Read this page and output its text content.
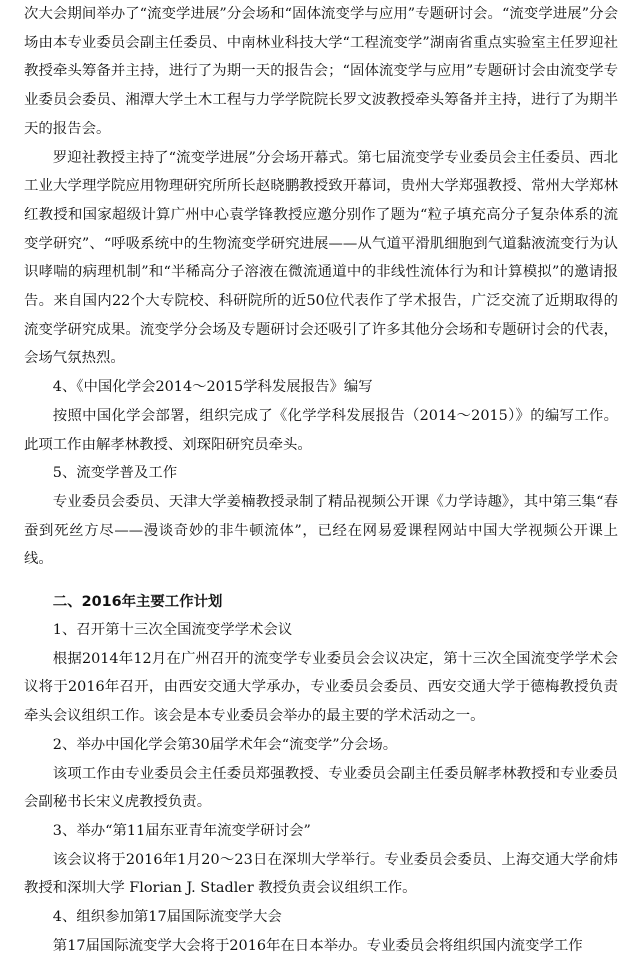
次大会期间举办了“流变学进展”分会场和“固体流变学与应用”专题研讨会。“流变学进展”分会场由本专业委员会副主任委员、中南林业科技大学“工程流变学”湖南省重点实验室主任罗迎社教授牵头筹备并主持，进行了为期一天的报告会；“固体流变学与应用”专题研讨会由流变学专业委员会委员、湘潭大学土木工程与力学学院院长罗文波教授牵头筹备并主持，进行了为期半天的报告会。

罗迎社教授主持了“流变学进展”分会场开幕式。第七届流变学专业委员会主任委员、西北工业大学理学院应用物理研究所所长赵晓鹏教授致开幕词，贵州大学郑强教授、常州大学郑林红教授和国家超级计算广州中心袁学锋教授应邀分别作了题为“粒子填充高分子复杂体系的流变学研究”、“呼吸系统中的生物流变学研究进展——从气道平滑肌细胞到气道黏液流变行为认识哮喘的病理机制”和“半稀高分子溶液在微流通道中的非线性流体行为和计算模拟”的邀请报告。来自国内22个大专院校、科研院所的近50位代表作了学术报告，广泛交流了近期取得的流变学研究成果。流变学分会场及专题研讨会还吸引了许多其他分会场和专题研讨会的代表，会场气氛热烈。

4、《中国化学会2014～2015学科发展报告》编写

按照中国化学会部署，组织完成了《化学学科发展报告（2014～2015）》的编写工作。此项工作由解孝林教授、刘琛阳研究员牵头。

5、流变学普及工作

专业委员会委员、天津大学姜楠教授录制了精品视频公开课《力学诗趣》，其中第三集“春蚕到死丝方尽——漫谈奇妙的非牛顿流体”，已经在网易爱课程网站中国大学视频公开课上线。

二、2016年主要工作计划

1、召开第十三次全国流变学学术会议

根据2014年12月在广州召开的流变学专业委员会会议决定，第十三次全国流变学学术会议将于2016年召开，由西安交通大学承办，专业委员会委员、西安交通大学于德梅教授负责牵头会议组织工作。该会是本专业委员会举办的最主要的学术活动之一。

2、举办中国化学会第30届学术年会“流变学”分会场。

该项工作由专业委员会主任委员郑强教授、专业委员会副主任委员解孝林教授和专业委员会副秘书长宋义虎教授负责。

3、举办“第11届东亚青年流变学研讨会”

该会议将于2016年1月20～23日在深圳大学举行。专业委员会委员、上海交通大学俞炜教授和深圳大学 Florian J. Stadler 教授负责会议组织工作。

4、组织参加第17届国际流变学大会

第17届国际流变学大会将于2016年在日本举办。专业委员会将组织国内流变学工作
